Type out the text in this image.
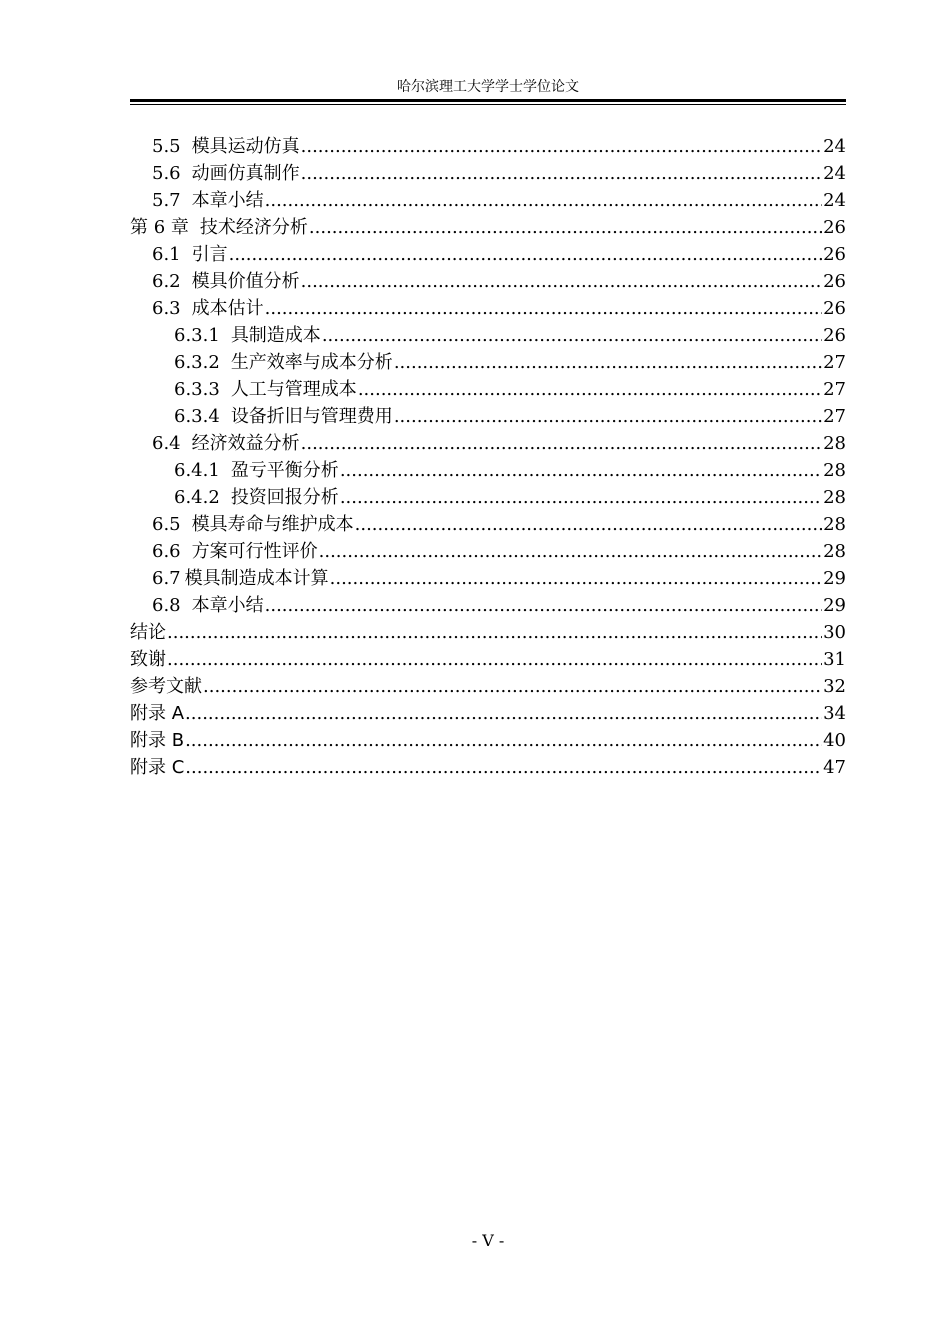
哈尔滨理工大学学士学位论文
5.5 模具运动仿真 .....	24
5.6 动画仿真制作 .....	24
5.7 本章小结 .....	24
第 6 章 技术经济分析 .....	26
6.1 引言 .....	26
6.2 模具价值分析 .....	26
6.3 成本估计 .....	26
6.3.1 具制造成本 .....	26
6.3.2 生产效率与成本分析 .....	27
6.3.3 人工与管理成本 .....	27
6.3.4 设备折旧与管理费用 .....	27
6.4 经济效益分析 .....	28
6.4.1 盈亏平衡分析 .....	28
6.4.2 投资回报分析 .....	28
6.5 模具寿命与维护成本 .....	28
6.6 方案可行性评价 .....	28
6.7 模具制造成本计算 .....	29
6.8 本章小结 .....	29
结论 .....	30
致谢 .....	31
参考文献 .....	32
附录 A .....	34
附录 B .....	40
附录 C .....	47
- V -
